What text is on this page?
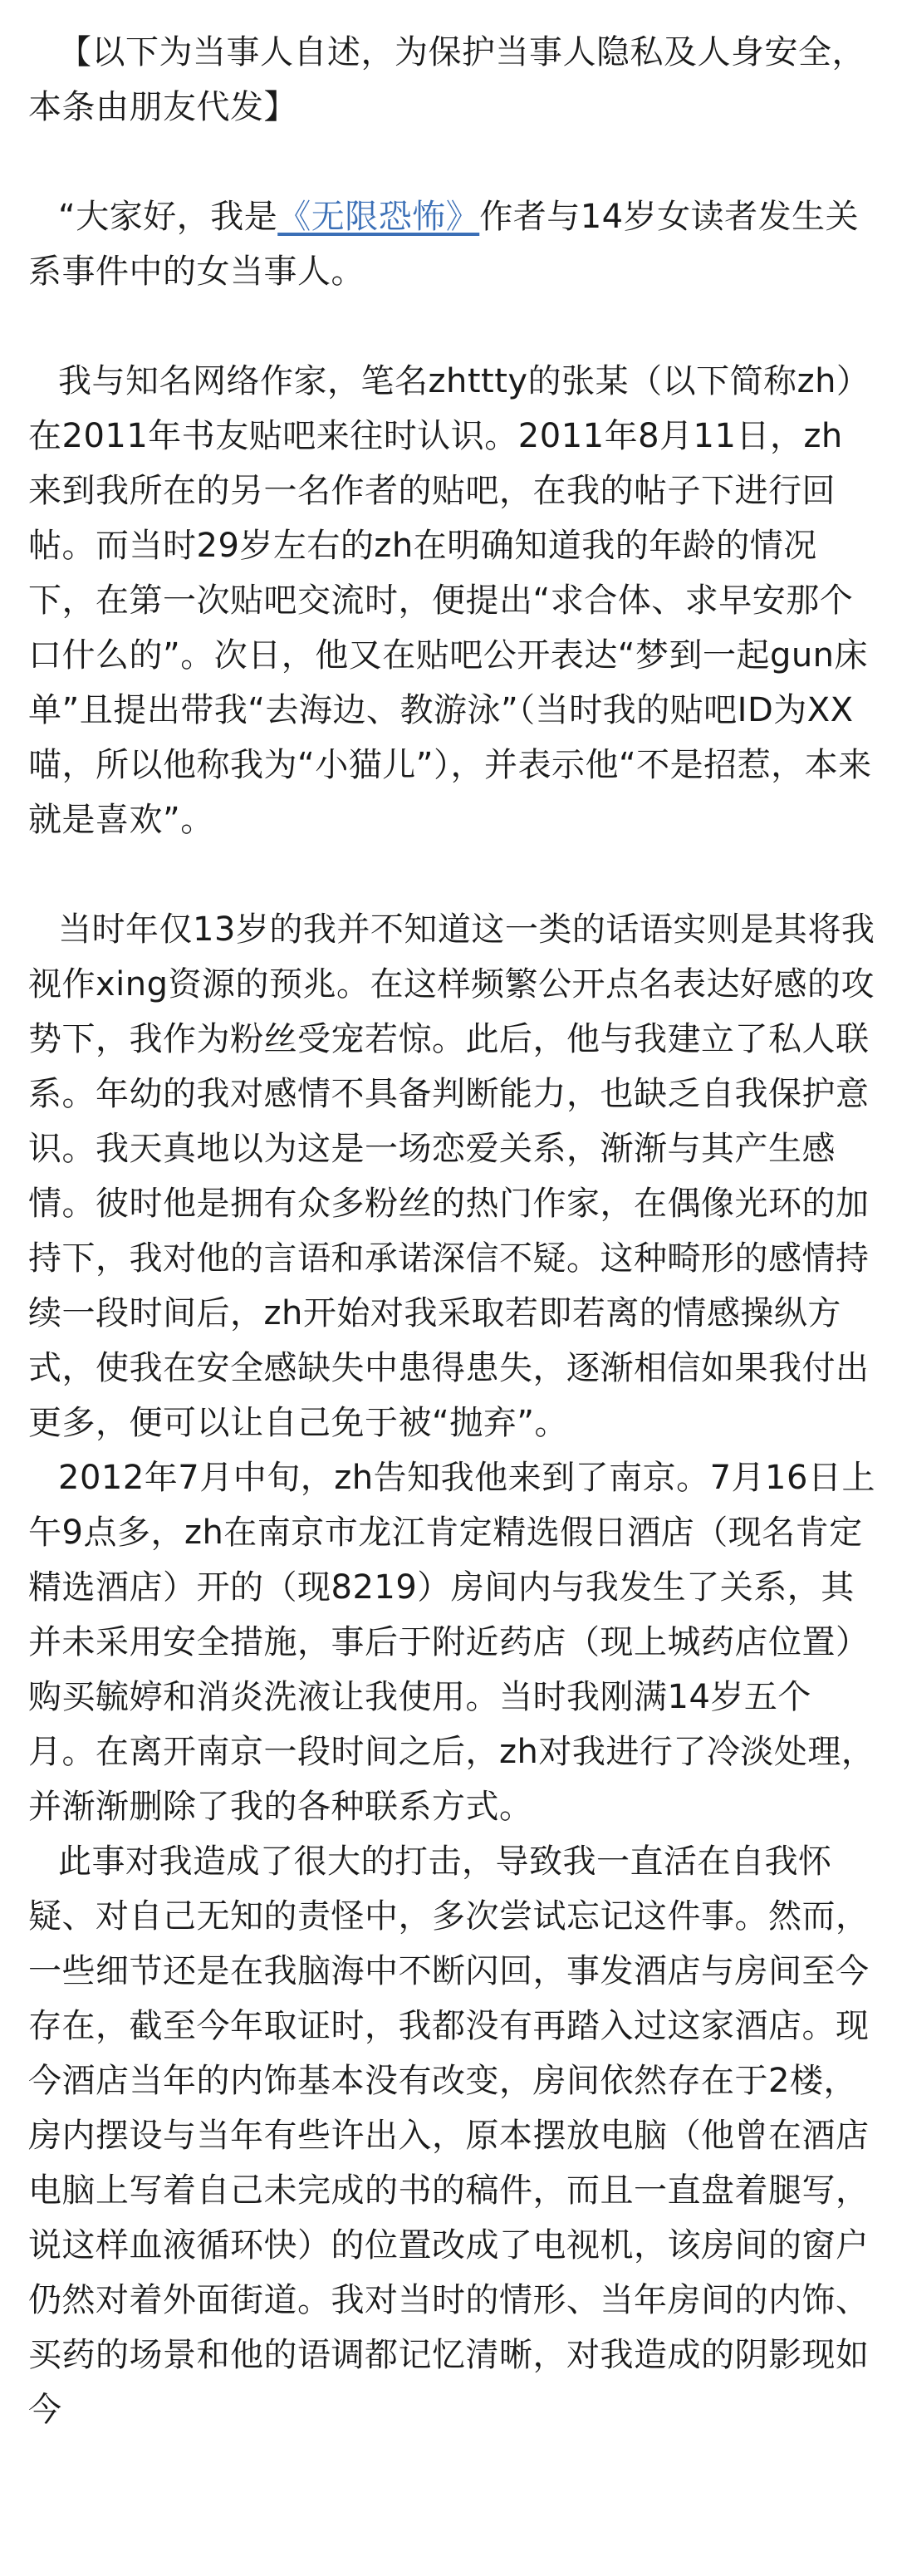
【以下为当事人自述，为保护当事人隐私及人身安全，本条由朋友代发】

“大家好，我是《无限恐怖》作者与14岁女读者发生关系事件中的女当事人。

我与知名网络作家，笔名zhttty的张某（以下简称zh）在2011年书友贴吧来往时认识。2011年8月11日，zh来到我所在的另一名作者的贴吧，在我的帖子下进行回帖。而当时29岁左右的zh在明确知道我的年龄的情况下，在第一次贴吧交流时，便提出“求合体、求早安那个口什么的”。次日，他又在贴吧公开表达“梦到一起gun床单”且提出带我“去海边、教游泳”（当时我的贴吧ID为XX喵，所以他称我为“小猫儿”），并表示他“不是招惹，本来就是喜欢”。

当时年仅13岁的我并不知道这一类的话语实则是其将我视作xing资源的预兆。在这样频繁公开点名表达好感的攻势下，我作为粉丝受宠若惊。此后，他与我建立了私人联系。年幼的我对感情不具备判断能力，也缺乏自我保护意识。我天真地以为这是一场恋爱关系，渐渐与其产生感情。彼时他是拥有众多粉丝的热门作家，在偶像光环的加持下，我对他的言语和承诺深信不疑。这种畸形的感情持续一段时间后，zh开始对我采取若即若离的情感操纵方式，使我在安全感缺失中患得患失，逐渐相信如果我付出更多，便可以让自己免于被“抛弃”。

2012年7月中旬，zh告知我他来到了南京。7月16日上午9点多，zh在南京市龙江肯定精选假日酒店（现名肯定精选酒店）开的（现8219）房间内与我发生了关系，其并未采用安全措施，事后于附近药店（现上城药店位置）购买毓婷和消炎洗液让我使用。当时我刚满14岁五个月。在离开南京一段时间之后，zh对我进行了冷淡处理，并渐渐删除了我的各种联系方式。

此事对我造成了很大的打击，导致我一直活在自我怀疑、对自己无知的责怪中，多次尝试忘记这件事。然而，一些细节还是在我脑海中不断闪回，事发酒店与房间至今存在，截至今年取证时，我都没有再踏入过这家酒店。现今酒店当年的内饰基本没有改变，房间依然存在于2楼，房内摆设与当年有些许出入，原本摆放电脑（他曾在酒店电脑上写着自己未完成的书的稿件，而且一直盘着腿写，说这样血液循环快）的位置改成了电视机，该房间的窗户仍然对着外面街道。我对当时的情形、当年房间的内饰、买药的场景和他的语调都记忆清晰，对我造成的阴影现如今
